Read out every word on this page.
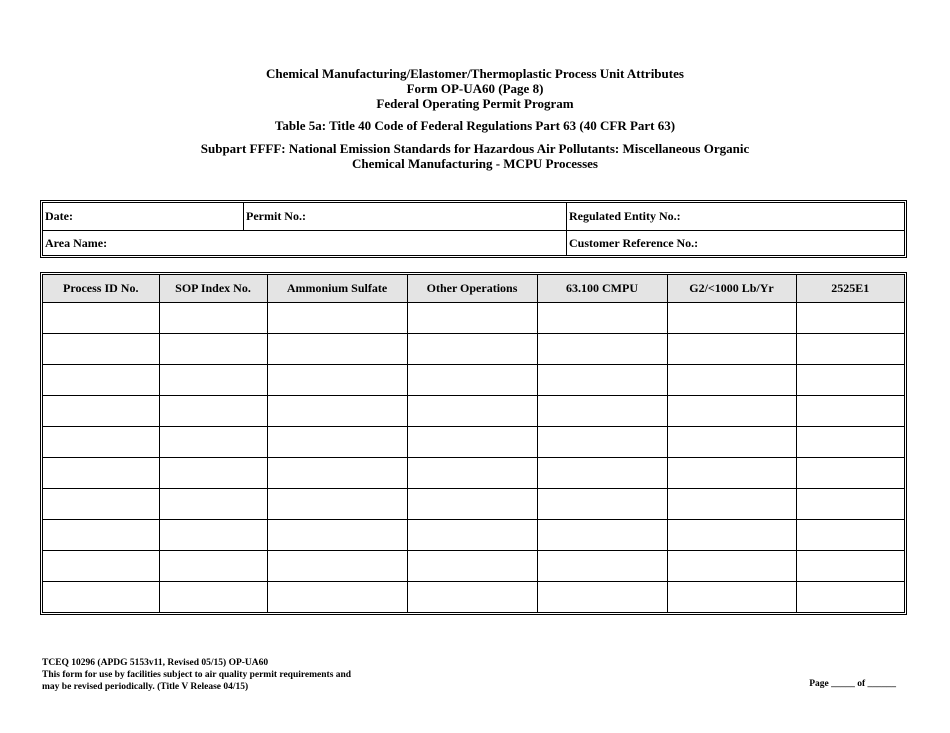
Chemical Manufacturing/Elastomer/Thermoplastic Process Unit Attributes
Form OP-UA60 (Page 8)
Federal Operating Permit Program
Table 5a: Title 40 Code of Federal Regulations Part 63 (40 CFR Part 63)
Subpart FFFF: National Emission Standards for Hazardous Air Pollutants: Miscellaneous Organic
Chemical Manufacturing - MCPU Processes
Date:	Permit No.:	Regulated Entity No.:
Area Name:	Customer Reference No.:
Process ID No.	SOP Index No.	Ammonium Sulfate	Other Operations	63.100 CMPU	G2/<1000 Lb/Yr	2525E1

TCEQ 10296 (APDG 5153v11, Revised 05/15) OP-UA60
This form for use by facilities subject to air quality permit requirements and
may be revised periodically. (Title V Release 04/15)	Page _____ of ______
